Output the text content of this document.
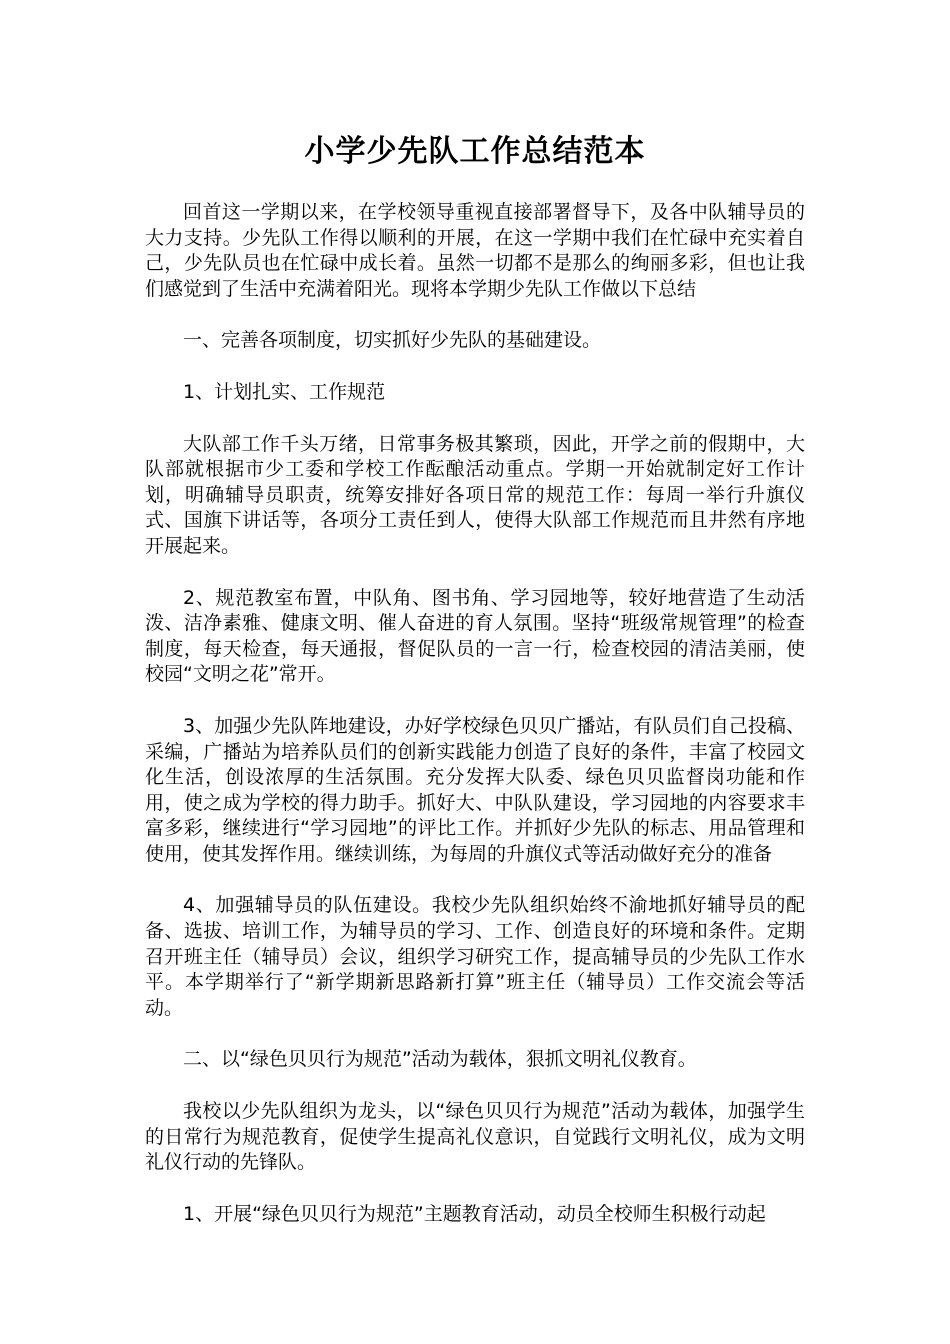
小学少先队工作总结范本

回首这一学期以来，在学校领导重视直接部署督导下，及各中队辅导员的大力支持。少先队工作得以顺利的开展，在这一学期中我们在忙碌中充实着自己，少先队员也在忙碌中成长着。虽然一切都不是那么的绚丽多彩，但也让我们感觉到了生活中充满着阳光。现将本学期少先队工作做以下总结

一、完善各项制度，切实抓好少先队的基础建设。

1、计划扎实、工作规范

大队部工作千头万绪，日常事务极其繁琐，因此，开学之前的假期中，大队部就根据市少工委和学校工作酝酿活动重点。学期一开始就制定好工作计划，明确辅导员职责，统筹安排好各项日常的规范工作：每周一举行升旗仪式、国旗下讲话等，各项分工责任到人，使得大队部工作规范而且井然有序地开展起来。

2、规范教室布置，中队角、图书角、学习园地等，较好地营造了生动活泼、洁净素雅、健康文明、催人奋进的育人氛围。坚持“班级常规管理”的检查制度，每天检查，每天通报，督促队员的一言一行，检查校园的清洁美丽，使校园“文明之花”常开。

3、加强少先队阵地建设，办好学校绿色贝贝广播站，有队员们自己投稿、采编，广播站为培养队员们的创新实践能力创造了良好的条件，丰富了校园文化生活，创设浓厚的生活氛围。充分发挥大队委、绿色贝贝监督岗功能和作用，使之成为学校的得力助手。抓好大、中队队建设，学习园地的内容要求丰富多彩，继续进行“学习园地”的评比工作。并抓好少先队的标志、用品管理和使用，使其发挥作用。继续训练，为每周的升旗仪式等活动做好充分的准备

4、加强辅导员的队伍建设。我校少先队组织始终不渝地抓好辅导员的配备、选拔、培训工作，为辅导员的学习、工作、创造良好的环境和条件。定期召开班主任（辅导员）会议，组织学习研究工作，提高辅导员的少先队工作水平。本学期举行了“新学期新思路新打算”班主任（辅导员）工作交流会等活动。

二、以“绿色贝贝行为规范”活动为载体，狠抓文明礼仪教育。

我校以少先队组织为龙头，以“绿色贝贝行为规范”活动为载体，加强学生的日常行为规范教育，促使学生提高礼仪意识，自觉践行文明礼仪，成为文明礼仪行动的先锋队。

1、开展“绿色贝贝行为规范”主题教育活动，动员全校师生积极行动起
